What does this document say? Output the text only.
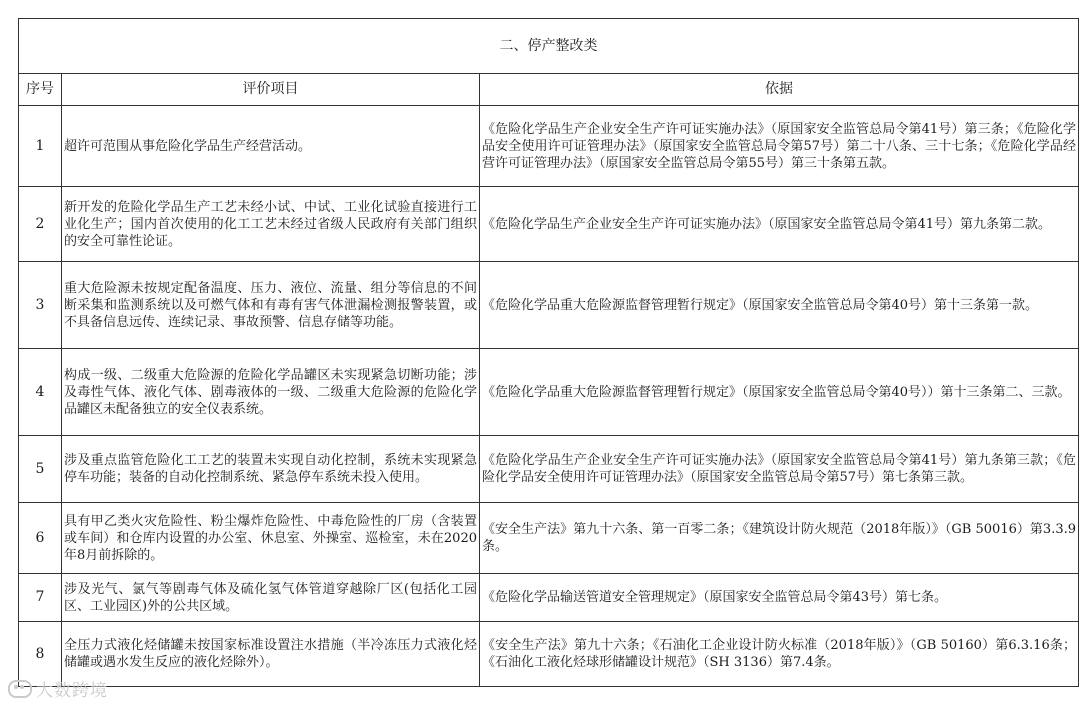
二、停产整改类		
序号	评价项目	依据
1	超许可范围从事危险化学品生产经营活动。	《危险化学品生产企业安全生产许可证实施办法》（原国家安全监管总局令第41号）第三条；《危险化学品安全使用许可证管理办法》（原国家安全监管总局令第57号）第二十八条、三十七条；《危险化学品经营许可证管理办法》（原国家安全监管总局令第55号）第三十条第五款。
2	新开发的危险化学品生产工艺未经小试、中试、工业化试验直接进行工业化生产；国内首次使用的化工工艺未经过省级人民政府有关部门组织的安全可靠性论证。	《危险化学品生产企业安全生产许可证实施办法》（原国家安全监管总局令第41号）第九条第二款。
3	重大危险源未按规定配备温度、压力、液位、流量、组分等信息的不间断采集和监测系统以及可燃气体和有毒有害气体泄漏检测报警装置，或不具备信息远传、连续记录、事故预警、信息存储等功能。	《危险化学品重大危险源监督管理暂行规定》（原国家安全监管总局令第40号）第十三条第一款。
4	构成一级、二级重大危险源的危险化学品罐区未实现紧急切断功能；涉及毒性气体、液化气体、剧毒液体的一级、二级重大危险源的危险化学品罐区未配备独立的安全仪表系统。	《危险化学品重大危险源监督管理暂行规定》（原国家安全监管总局令第40号））第十三条第二、三款。
5	涉及重点监管危险化工工艺的装置未实现自动化控制，系统未实现紧急停车功能；装备的自动化控制系统、紧急停车系统未投入使用。	《危险化学品生产企业安全生产许可证实施办法》（原国家安全监管总局令第41号）第九条第三款；《危险化学品安全使用许可证管理办法》（原国家安全监管总局令第57号）第七条第三款。
6	具有甲乙类火灾危险性、粉尘爆炸危险性、中毒危险性的厂房（含装置或车间）和仓库内设置的办公室、休息室、外操室、巡检室，未在2020年8月前拆除的。	《安全生产法》第九十六条、第一百零二条；《建筑设计防火规范（2018年版）》（GB 50016）第3.3.9条。
7	涉及光气、氯气等剧毒气体及硫化氢气体管道穿越除厂区(包括化工园区、工业园区)外的公共区域。	《危险化学品输送管道安全管理规定》（原国家安全监管总局令第43号）第七条。
8	全压力式液化烃储罐未按国家标准设置注水措施（半冷冻压力式液化烃储罐或遇水发生反应的液化烃除外）。	《安全生产法》第九十六条；《石油化工企业设计防火标准（2018年版）》（GB 50160）第6.3.16条；《石油化工液化烃球形储罐设计规范》（SH 3136）第7.4条。
大数跨境
